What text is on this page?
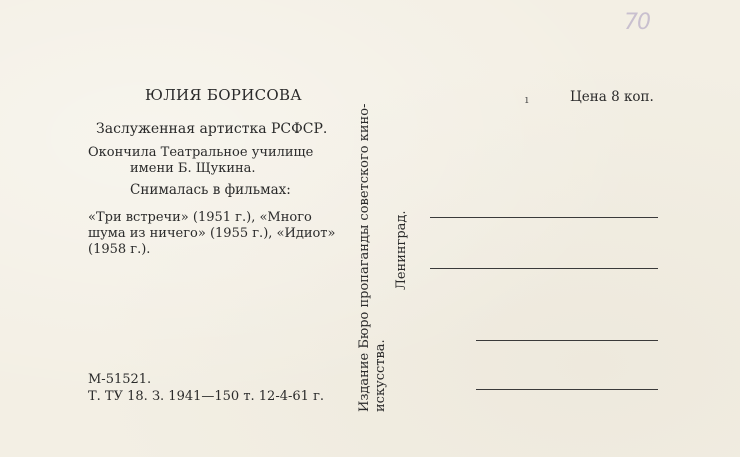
70
ЮЛИЯ БОРИСОВА
Заслуженная артистка РСФСР.
Окончила Театральное училище
имени Б. Щукина.
Снималась в фильмах:
«Три встречи» (1951 г.), «Много
шума из ничего» (1955 г.), «Идиот»
(1958 г.).
М-51521.
Т. ТУ 18. З. 1941—150 т. 12-4-61 г.	Издание Бюро пропаганды советского кино- искусства.
Ленинград.
ı	Цена 8 коп.
